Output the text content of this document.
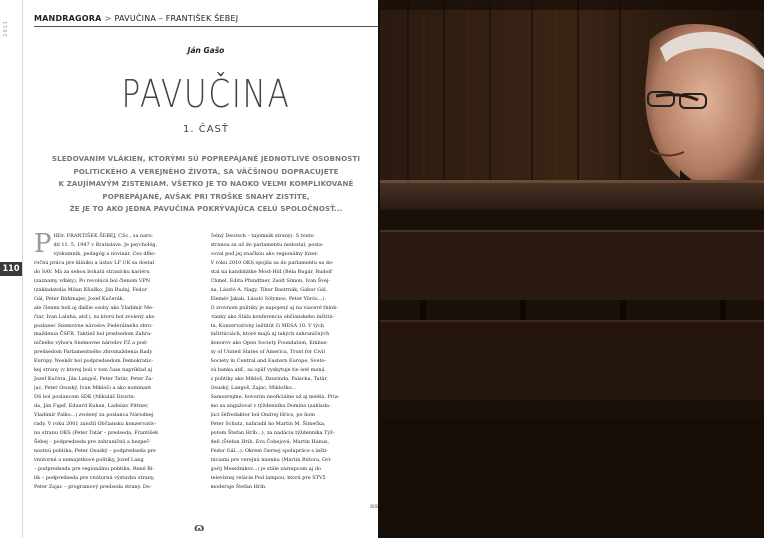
2011
110
MANDRAGORA > PAVUČINA – FRANTIŠEK ŠEBEJ
Ján Gašo
PAVUČINA
1. ČASŤ
SLEDOVANÍM VLÁKIEN, KTORÝMI SÚ POPREPÁJANÉ JEDNOTLIVÉ OSOBNOSTI
POLITICKÉHO A VEREJNÉHO ŽIVOTA, SA VÄČŠINOU DOPRACUJETE
K ZAUJÍMAVÝM ZISTENIAM. VŠETKO JE TO NAOKO VEĽMI KOMPLIKOVANÉ
POPREPÁJANÉ, AVŠAK PRI TROŠKE SNAHY ZISTÍTE,
ŽE JE TO AKO JEDNA PAVUČINA POKRÝVAJÚCA CELÚ SPOLOČNOSŤ...
P HDr. FRANTIŠEK ŠEBEJ, CSc., sa naro-
dil 11. 5. 1947 v Bratislave. Je psychológ,
výskumník, pedagóg a novinár. Cez dlho-
ročnú prácu pre kliniku a ústav LF UK sa dostal
do SAV. Má za sebou bohatú stranícku kariéru
(zaznamy vďaky). Po revolúcii bol členom VPN
(zakladatelia Milan Kňažko, Ján Budaj, Fedor
Gál, Peter Bírkmajer, Jozef Kučerák,
ale členmi boli aj ďalšie osoby ako Vladimír Me-
čiar, Ivan Laluha, atď.), za ktorú bol zvolený ako
poslanec Snemovne národov Federálneho zhro-
maždenia ČSFR. Taktiež bol predsedom Zahra-
ničného výboru Snemovne národov FZ a pod-
predsedom Parlamentného zhromaždenia Rady
Európy. Neskôr bol podpredsedom Demokratic-
kej strany (v ktorej boli v tom čase napríklad aj
Jozef Kučera, Ján Langoš, Peter Tatár, Peter Za-
jac, Peter Osuský, Ivan Mikloš) a ako nominant
DS bol poslancom SDK (Mikuláš Dzurin-
da, Ján Figeľ, Eduard Kukan, Ladislav Pittner,
Vladimír Palko...) zvolený za poslanca Národnej
rady. V roku 2001 založil Občiansku konzervatív-
nu stranu OKS (Peter Tatár – predseda, František
Šebej – podpredseda pre zahraničnú a bezpeč-
nostnú politiku, Peter Osuský – podpredseda pre
vnútorné a nemajetkové politiky, Jozef Lang
– podpredseda pre regionálnu politiku, René Bí-
lik – podpredseda pre vnútornú výstavbu strany,
Peter Zajac – programový predseda strany. Do-
čelný Deutsch – tajomník strany). S touto
stranou sa už do parlamentu nedostal, posta-
coval pod jej značkou ako regionálny lúzer.
V roku 2010 OKS spojila sa do parlamentu sa do-
stal na kandidátke Most-Híd (Béla Bugár, Rudolf
Chmel, Edita Pfundtner, Zsolt Simon, Ivan Švej-
na, László A. Nagy, Tibor Bastrnák, Gábor Gál,
Elemér Jakab, László Sólymos, Peter Vörös...).
O zrovnom politiky je napojený aj na viaceré think-
-tanky ako Stála konferencia občianskeho inštitú-
tu, Konzervatívny inštitút či MESA 10. V tých
inštitúciách, ktoré majú aj takých zahraničných
donorov ako Open Society Foundation, Embas-
sy of United States of America, Trust for Civil
Society in Central and Eastern Europe, Sveto-
vá banka atď., sa opäť vyskytuje tie isté mená
z politiky ako Mikloš, Dzurinda, Palacka, Tatár,
Osuský, Langoš, Zajac, Mikloško...
Samozrejme, hovorím neoficiálne už aj médiá. Pria-
mo sa angažoval v týždenníku Domino (zaklada-
júci šéfredaktor bol Ondrej Hrics, po ňom
Peter Schutz, nahradil ho Martin M. Šimečka,
potom Štefan Hríb...), za nadáciu týždenníka Týž-
deň (Štefan Hríb, Eva Čobejová, Martin Hanus,
Fedor Gál...). Okrem čiernej spolupráce s inšti-
túciami pre verejnú mienku (Martin Bútora, Gri-
gorij Mesežnikov...) je stále zástupcom aj do
televíznej relácie Pod lampou, ktorú pre STV5
moderuje Štefan Hríb.
⊠⊠
ɷ
